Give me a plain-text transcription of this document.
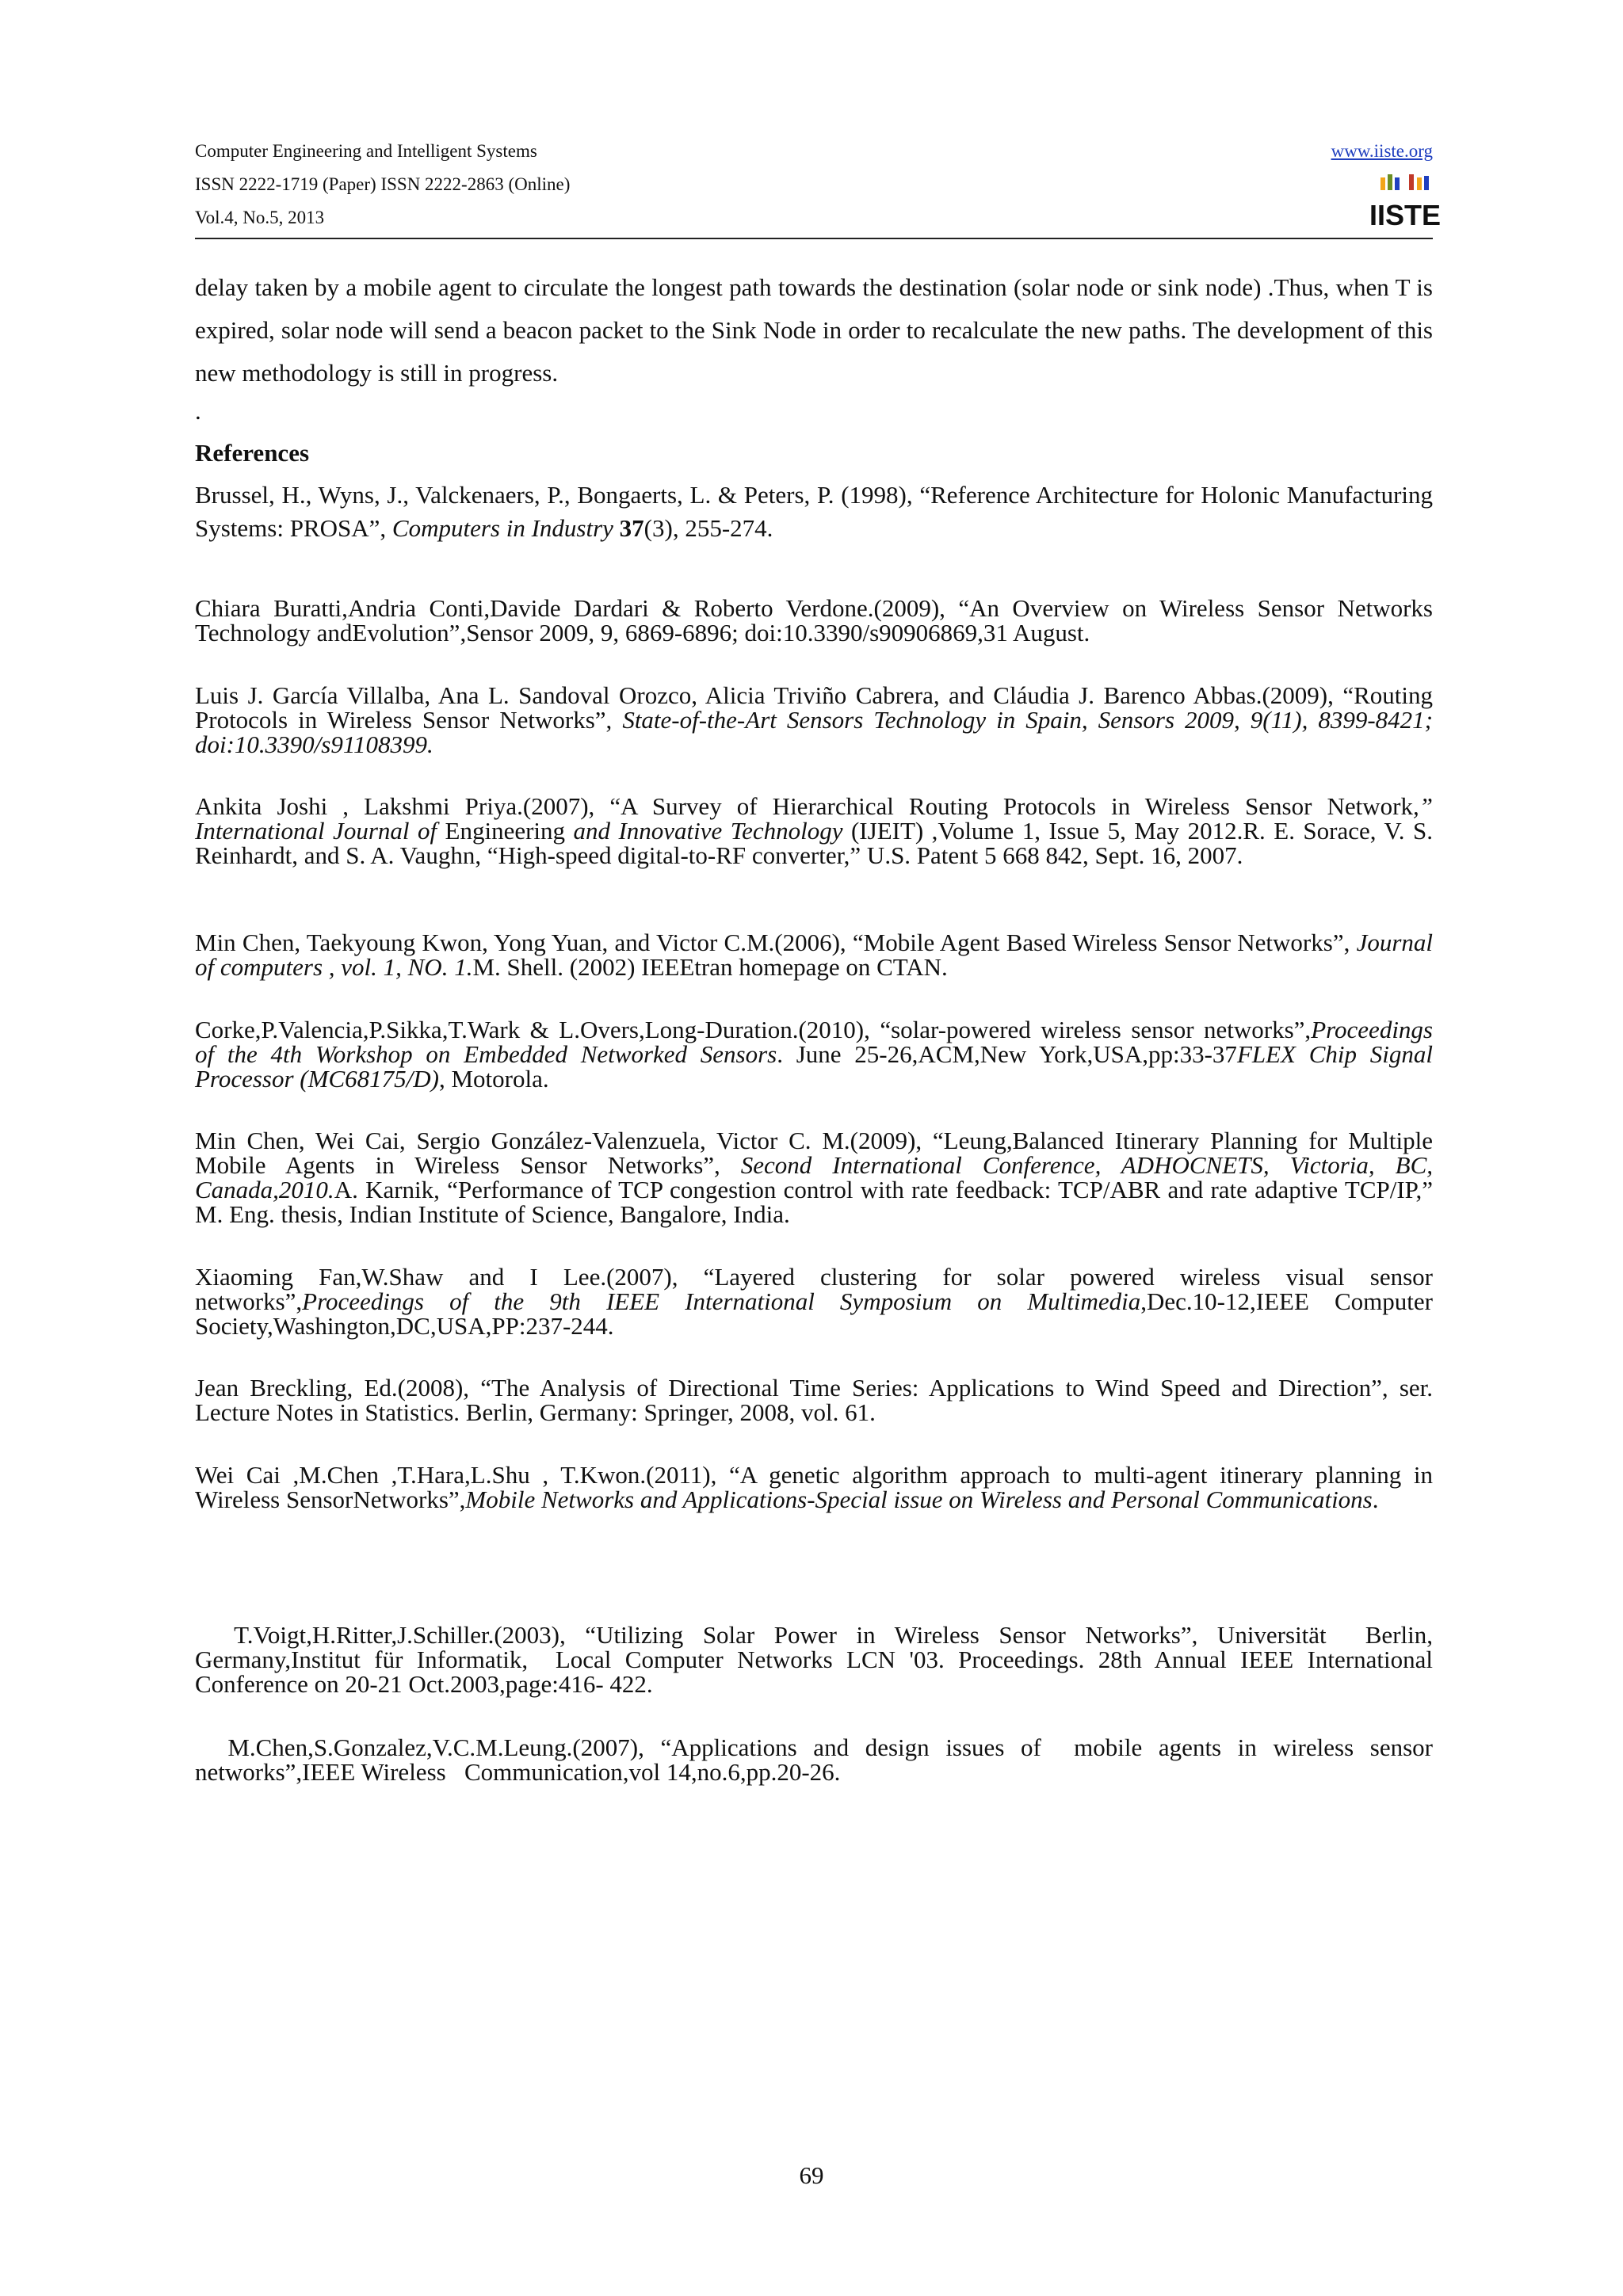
Computer Engineering and Intelligent Systems
ISSN 2222-1719 (Paper) ISSN 2222-2863 (Online)
Vol.4, No.5, 2013
www.iiste.org
IISTE
delay taken by a mobile agent to circulate the longest path towards the destination (solar node or sink node) .Thus, when T is expired, solar node will send a beacon packet to the Sink Node in order to recalculate the new paths. The development of this new methodology is still in progress.
.
References

Brussel, H., Wyns, J., Valckenaers, P., Bongaerts, L. & Peters, P. (1998), “Reference Architecture for Holonic Manufacturing Systems: PROSA”, Computers in Industry 37(3), 255-274.

Chiara Buratti,Andria Conti,Davide Dardari & Roberto Verdone.(2009), “An Overview on Wireless Sensor Networks Technology andEvolution”,Sensor 2009, 9, 6869-6896; doi:10.3390/s90906869,31 August.

Luis J. García Villalba, Ana L. Sandoval Orozco, Alicia Triviño Cabrera, and Cláudia J. Barenco Abbas.(2009), “Routing Protocols in Wireless Sensor Networks”, State-of-the-Art Sensors Technology in Spain, Sensors 2009, 9(11), 8399-8421; doi:10.3390/s91108399.

Ankita Joshi , Lakshmi Priya.(2007), “A Survey of Hierarchical Routing Protocols in Wireless Sensor Network,” International Journal of Engineering and Innovative Technology (IJEIT) ,Volume 1, Issue 5, May 2012.R. E. Sorace, V. S. Reinhardt, and S. A. Vaughn, “High-speed digital-to-RF converter,” U.S. Patent 5 668 842, Sept. 16, 2007.

Min Chen, Taekyoung Kwon, Yong Yuan, and Victor C.M.(2006), “Mobile Agent Based Wireless Sensor Networks”, Journal of computers , vol. 1, NO. 1.M. Shell. (2002) IEEEtran homepage on CTAN.

Corke,P.Valencia,P.Sikka,T.Wark & L.Overs,Long-Duration.(2010), “solar-powered wireless sensor networks”,Proceedings of the 4th Workshop on Embedded Networked Sensors. June 25-26,ACM,New York,USA,pp:33-37FLEX Chip Signal Processor (MC68175/D), Motorola.

Min Chen, Wei Cai, Sergio González-Valenzuela, Victor C. M.(2009), “Leung,Balanced Itinerary Planning for Multiple Mobile Agents in Wireless Sensor Networks”, Second International Conference, ADHOCNETS, Victoria, BC, Canada,2010.A. Karnik, “Performance of TCP congestion control with rate feedback: TCP/ABR and rate adaptive TCP/IP,” M. Eng. thesis, Indian Institute of Science, Bangalore, India.

Xiaoming Fan,W.Shaw and I Lee.(2007), “Layered clustering for solar powered wireless visual sensor networks”,Proceedings of the 9th IEEE International Symposium on Multimedia,Dec.10-12,IEEE Computer Society,Washington,DC,USA,PP:237-244.

Jean Breckling, Ed.(2008), “The Analysis of Directional Time Series: Applications to Wind Speed and Direction”, ser. Lecture Notes in Statistics. Berlin, Germany: Springer, 2008, vol. 61.

Wei Cai ,M.Chen ,T.Hara,L.Shu , T.Kwon.(2011), “A genetic algorithm approach to multi-agent itinerary planning in Wireless SensorNetworks”,Mobile Networks and Applications-Special issue on Wireless and Personal Communications.

T.Voigt,H.Ritter,J.Schiller.(2003), “Utilizing Solar Power in Wireless Sensor Networks”, Universität  Berlin, Germany,Institut für Informatik,  Local Computer Networks LCN '03. Proceedings. 28th Annual IEEE International Conference on 20-21 Oct.2003,page:416- 422.

M.Chen,S.Gonzalez,V.C.M.Leung.(2007), “Applications and design issues of  mobile agents in wireless sensor networks”,IEEE Wireless   Communication,vol 14,no.6,pp.20-26.

69
